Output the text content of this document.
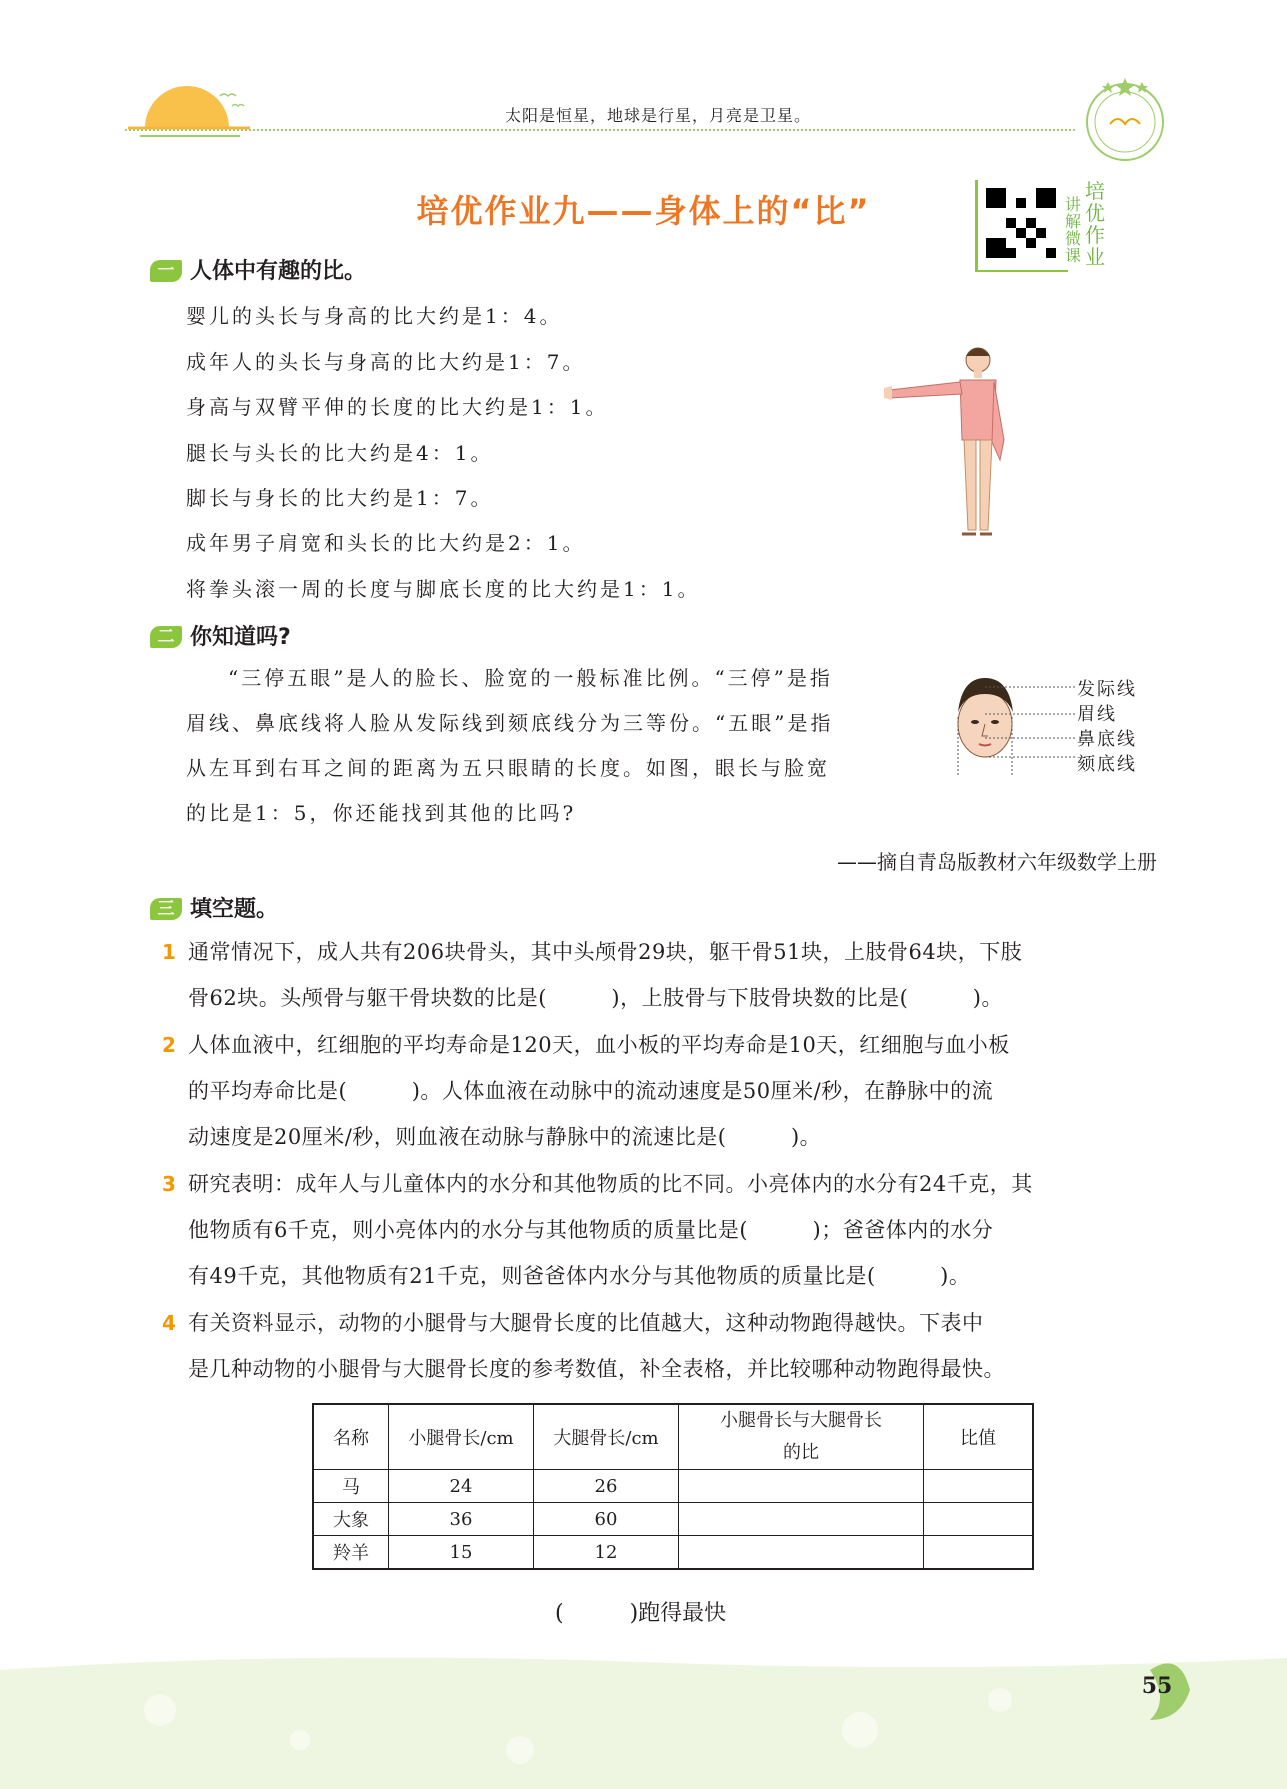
太阳是恒星，地球是行星，月亮是卫星。
培优作业九——身体上的“比”	讲解微课
培优作业
一 人体中有趣的比。
婴儿的头长与身高的比大约是1：4。
成年人的头长与身高的比大约是1：7。
身高与双臂平伸的长度的比大约是1：1。
腿长与头长的比大约是4：1。
脚长与身长的比大约是1：7。
成年男子肩宽和头长的比大约是2：1。
将拳头滚一周的长度与脚底长度的比大约是1：1。
二 你知道吗?
“三停五眼”是人的脸长、脸宽的一般标准比例。“三停”是指
眉线、鼻底线将人脸从发际线到颏底线分为三等份。“五眼”是指
从左耳到右耳之间的距离为五只眼睛的长度。如图，眼长与脸宽
的比是1：5，你还能找到其他的比吗?
发际线
眉线
鼻底线
颏底线
——摘自青岛版教材六年级数学上册
三 填空题。
1 通常情况下，成人共有206块骨头，其中头颅骨29块，躯干骨51块，上肢骨64块，下肢
骨62块。头颅骨与躯干骨块数的比是(　　　)，上肢骨与下肢骨块数的比是(　　　)。
2 人体血液中，红细胞的平均寿命是120天，血小板的平均寿命是10天，红细胞与血小板
的平均寿命比是(　　　)。人体血液在动脉中的流动速度是50厘米/秒，在静脉中的流
动速度是20厘米/秒，则血液在动脉与静脉中的流速比是(　　　)。
3 研究表明：成年人与儿童体内的水分和其他物质的比不同。小亮体内的水分有24千克，其
他物质有6千克，则小亮体内的水分与其他物质的质量比是(　　　)；爸爸体内的水分
有49千克，其他物质有21千克，则爸爸体内水分与其他物质的质量比是(　　　)。
4 有关资料显示，动物的小腿骨与大腿骨长度的比值越大，这种动物跑得越快。下表中
是几种动物的小腿骨与大腿骨长度的参考数值，补全表格，并比较哪种动物跑得最快。
名称	小腿骨长/cm	大腿骨长/cm	小腿骨长与大腿骨长
的比	比值
马	24	26		
大象	36	60		
羚羊	15	12		
(　　　)跑得最快
55
